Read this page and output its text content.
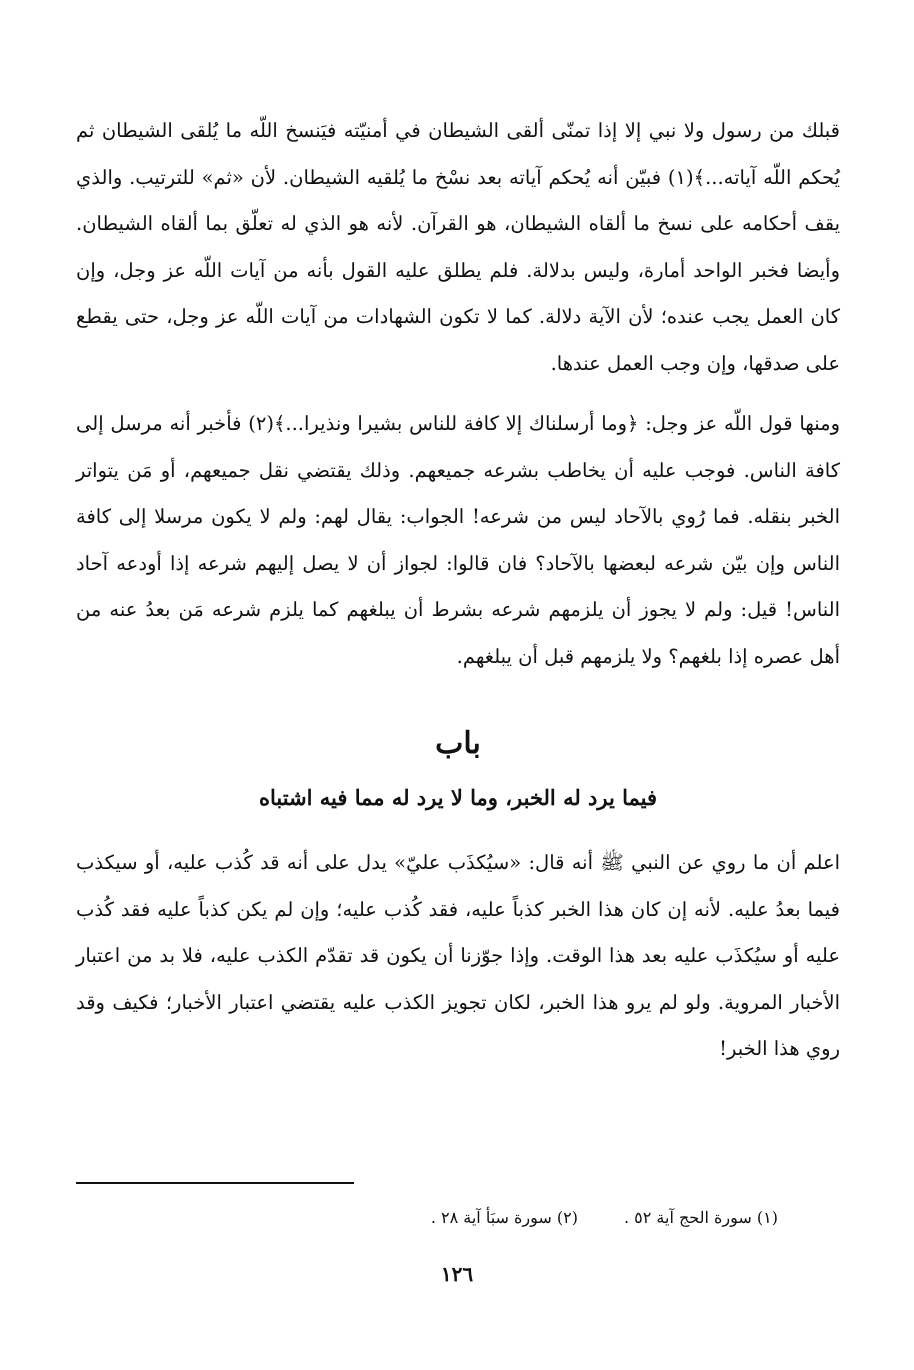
قبلك من رسول ولا نبي إلا إذا تمنّى ألقى الشيطان في أمنيّته فيَنسخ اللّه ما يُلقى الشيطان ثم يُحكم اللّه آياته...﴾(١) فبيّن أنه يُحكم آياته بعد نسْخ ما يُلقيه الشيطان. لأن «ثم» للترتيب. والذي يقف أحكامه على نسخ ما ألقاه الشيطان، هو القرآن. لأنه هو الذي له تعلّق بما ألقاه الشيطان. وأيضا فخبر الواحد أمارة، وليس بدلالة. فلم يطلق عليه القول بأنه من آيات اللّه عز وجل، وإن كان العمل يجب عنده؛ لأن الآية دلالة. كما لا تكون الشهادات من آيات اللّه عز وجل، حتى يقطع على صدقها، وإن وجب العمل عندها.

ومنها قول اللّه عز وجل: ﴿وما أرسلناك إلا كافة للناس بشيرا ونذيرا...﴾(٢) فأخبر أنه مرسل إلى كافة الناس. فوجب عليه أن يخاطب بشرعه جميعهم. وذلك يقتضي نقل جميعهم، أو مَن يتواتر الخبر بنقله. فما رُوي بالآحاد ليس من شرعه! الجواب: يقال لهم: ولم لا يكون مرسلا إلى كافة الناس وإن بيّن شرعه لبعضها بالآحاد؟ فان قالوا: لجواز أن لا يصل إليهم شرعه إذا أودعه آحاد الناس! قيل: ولم لا يجوز أن يلزمهم شرعه بشرط أن يبلغهم كما يلزم شرعه مَن بعدُ عنه من أهل عصره إذا بلغهم؟ ولا يلزمهم قبل أن يبلغهم.

باب
فيما يرد له الخبر، وما لا يرد له مما فيه اشتباه

اعلم أن ما روي عن النبي ﷺ أنه قال: «سيُكذَب عليّ» يدل على أنه قد كُذب عليه، أو سيكذب فيما بعدُ عليه. لأنه إن كان هذا الخبر كذباً عليه، فقد كُذب عليه؛ وإن لم يكن كذباً عليه فقد كُذب عليه أو سيُكذَب عليه بعد هذا الوقت. وإذا جوّزنا أن يكون قد تقدّم الكذب عليه، فلا بد من اعتبار الأخبار المروية. ولو لم يرو هذا الخبر، لكان تجويز الكذب عليه يقتضي اعتبار الأخبار؛ فكيف وقد روي هذا الخبر!

(١) سورة الحج آية ٥٢ .
(٢) سورة سبَأ آية ٢٨ .
١٢٦
